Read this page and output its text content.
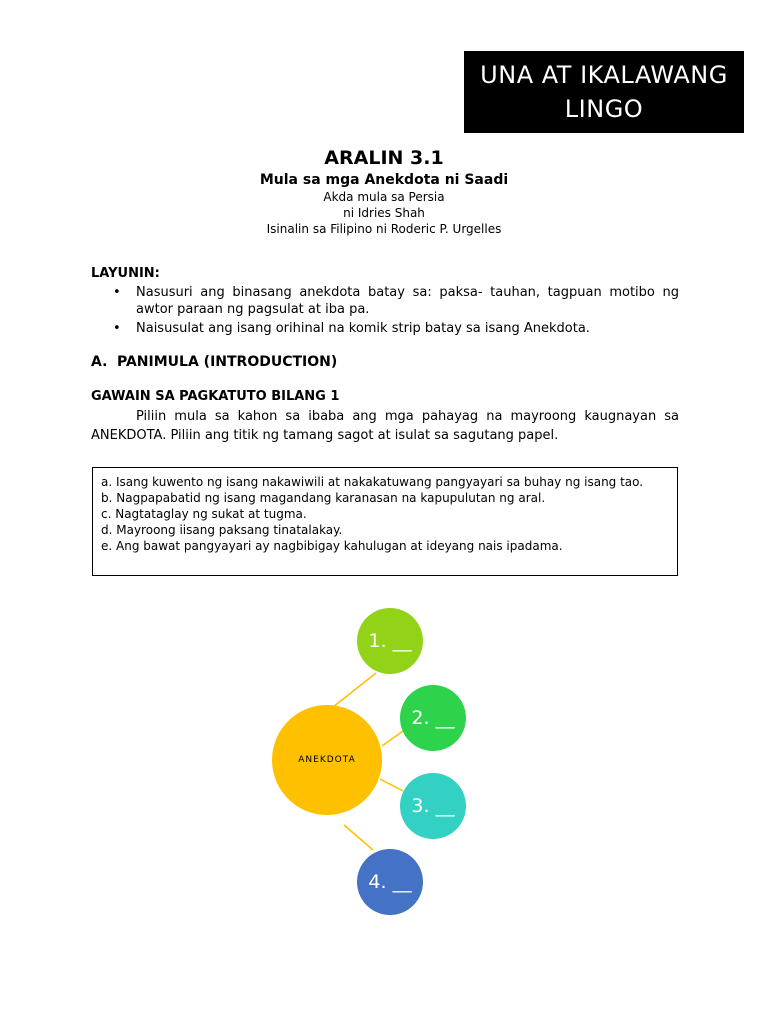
UNA AT IKALAWANG
LINGO
ARALIN 3.1
Mula sa mga Anekdota ni Saadi
Akda mula sa Persia
ni Idries Shah
Isinalin sa Filipino ni Roderic P. Urgelles
LAYUNIN:
• Nasusuri ang binasang anekdota batay sa: paksa- tauhan, tagpuan motibo ng awtor paraan ng pagsulat at iba pa.
• Naisusulat ang isang orihinal na komik strip batay sa isang Anekdota.
A. PANIMULA (INTRODUCTION)
GAWAIN SA PAGKATUTO BILANG 1
Piliin mula sa kahon sa ibaba ang mga pahayag na mayroong kaugnayan sa ANEKDOTA. Piliin ang titik ng tamang sagot at isulat sa sagutang papel.
a. Isang kuwento ng isang nakawiwili at nakakatuwang pangyayari sa buhay ng isang tao.
b. Nagpapabatid ng isang magandang karanasan na kapupulutan ng aral.
c. Nagtataglay ng sukat at tugma.
d. Mayroong iisang paksang tinatalakay.
e. Ang bawat pangyayari ay nagbibigay kahulugan at ideyang nais ipadama.
ANEKDOTA
1. __
2. __
3. __
4. __
